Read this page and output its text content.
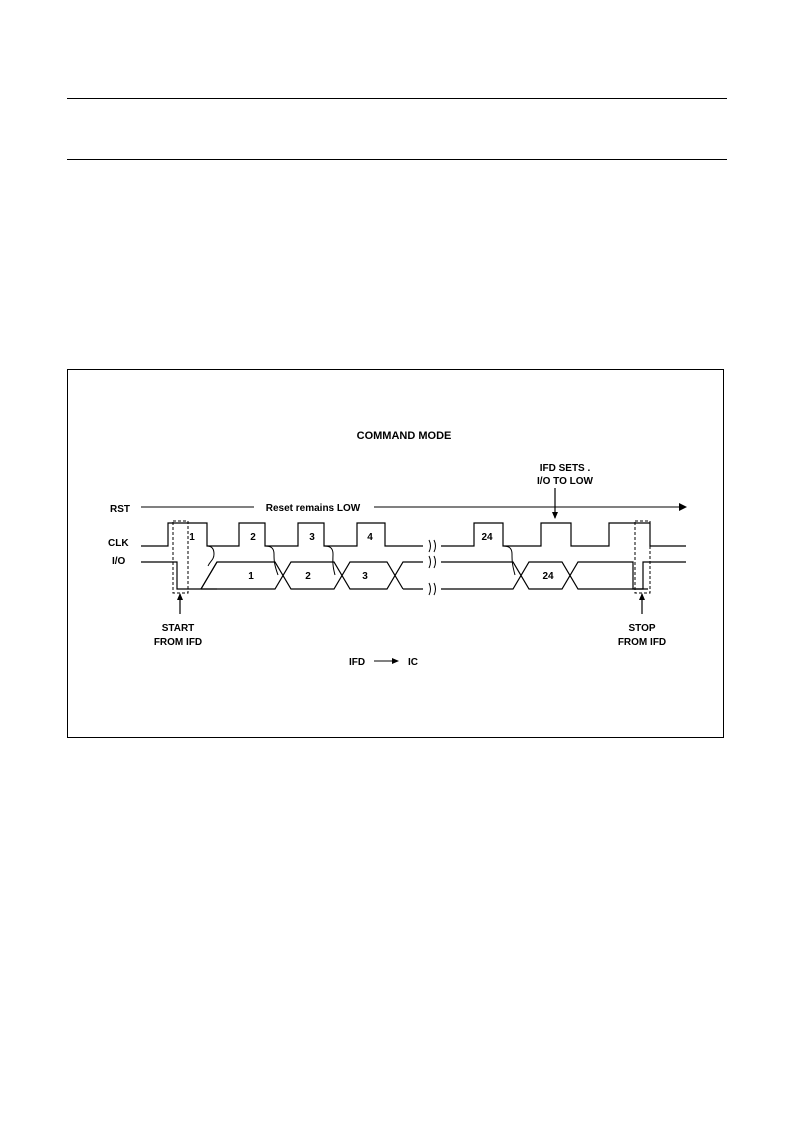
COMMAND MODE
IFD SETS .
I/O TO LOW
RST
CLK
I/O
Reset remains LOW
1	2	3	4	24
1	2	3	24
START
FROM IFD
STOP
FROM IFD
IFD	IC
